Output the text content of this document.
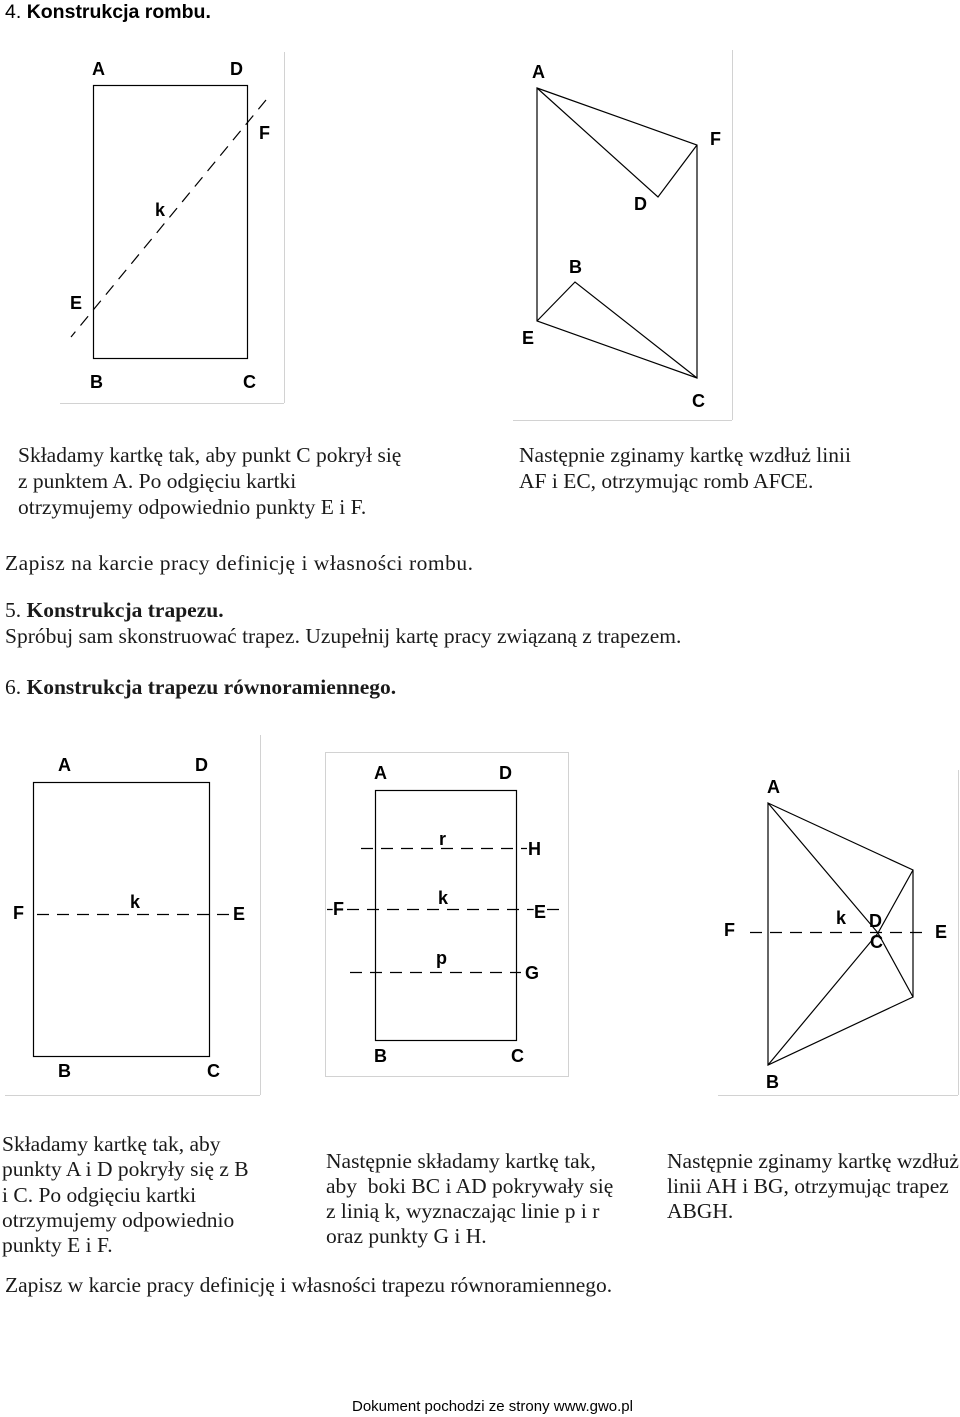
4. Konstrukcja rombu.
A	D
F
k
E
B	C
A
F
D
B
E
C
A	D
F
k
E
B	C
A	D
r	H
F
k
E
p
G
B	C
A
F
k D
C	E
B
Składamy kartkę tak, aby punkt C pokrył się
z punktem A. Po odgięciu kartki
otrzymujemy odpowiednio punkty E i F.
Następnie zginamy kartkę wzdłuż linii
AF i EC, otrzymując romb AFCE.
Zapisz na karcie pracy definicję i własności rombu.
5. Konstrukcja trapezu.
Spróbuj sam skonstruować trapez. Uzupełnij kartę pracy związaną z trapezem.
6. Konstrukcja trapezu równoramiennego.
Składamy kartkę tak, aby
punkty A i D pokryły się z B
i C. Po odgięciu kartki
otrzymujemy odpowiednio
punkty E i F.
Następnie składamy kartkę tak,
aby  boki BC i AD pokrywały się
z linią k, wyznaczając linie p i r
oraz punkty G i H.
Następnie zginamy kartkę wzdłuż
linii AH i BG, otrzymując trapez
ABGH.
Zapisz w karcie pracy definicję i własności trapezu równoramiennego.
Dokument pochodzi ze strony www.gwo.pl
